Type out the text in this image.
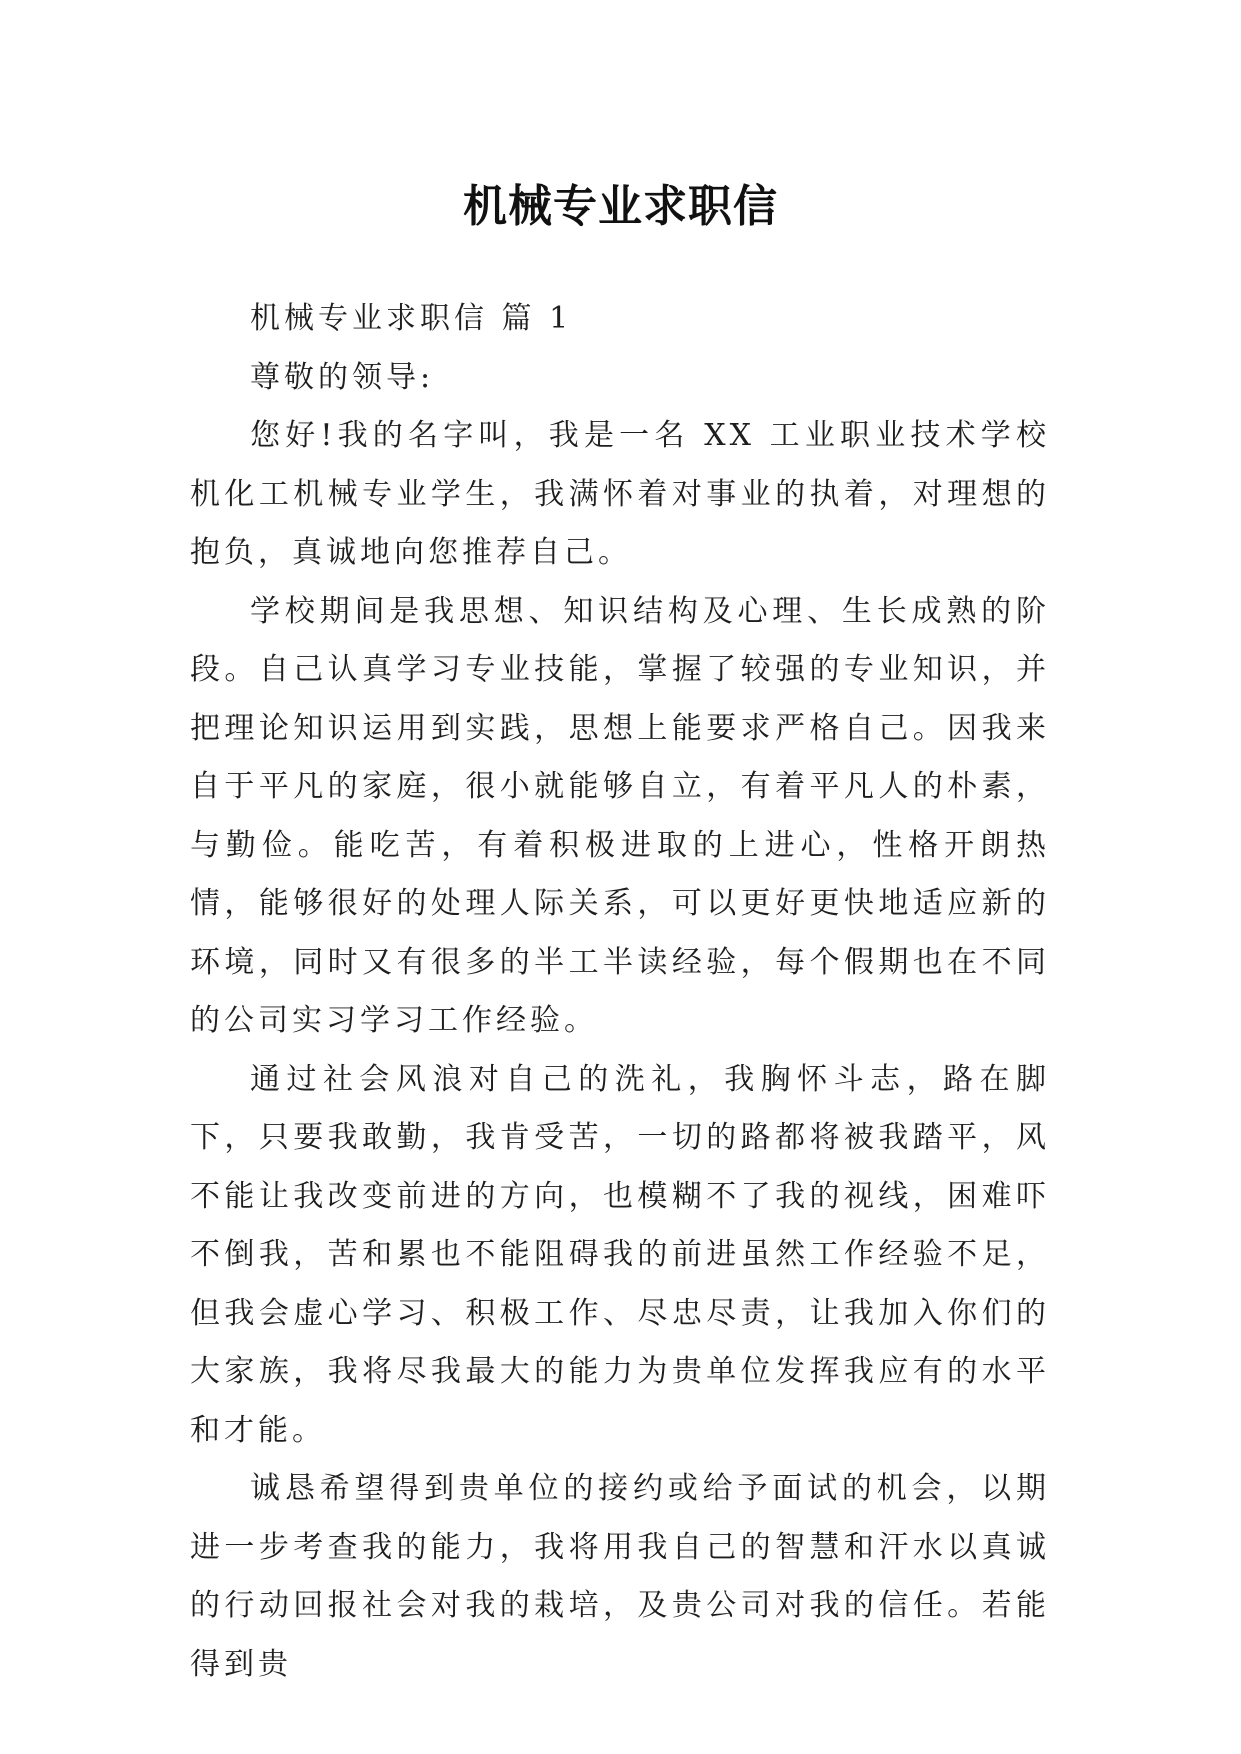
机械专业求职信

机械专业求职信 篇 1

尊敬的领导:

您好!我的名字叫，我是一名 XX 工业职业技术学校机化工机械专业学生，我满怀着对事业的执着，对理想的抱负，真诚地向您推荐自己。

学校期间是我思想、知识结构及心理、生长成熟的阶段。自己认真学习专业技能，掌握了较强的专业知识，并把理论知识运用到实践，思想上能要求严格自己。因我来自于平凡的家庭，很小就能够自立，有着平凡人的朴素，与勤俭。能吃苦，有着积极进取的上进心，性格开朗热情，能够很好的处理人际关系，可以更好更快地适应新的环境，同时又有很多的半工半读经验，每个假期也在不同的公司实习学习工作经验。

通过社会风浪对自己的洗礼，我胸怀斗志，路在脚下，只要我敢勤，我肯受苦，一切的路都将被我踏平，风不能让我改变前进的方向，也模糊不了我的视线，困难吓不倒我，苦和累也不能阻碍我的前进虽然工作经验不足，但我会虚心学习、积极工作、尽忠尽责，让我加入你们的大家族，我将尽我最大的能力为贵单位发挥我应有的水平和才能。

诚恳希望得到贵单位的接约或给予面试的机会，以期进一步考查我的能力，我将用我自己的智慧和汗水以真诚的行动回报社会对我的栽培，及贵公司对我的信任。若能得到贵
